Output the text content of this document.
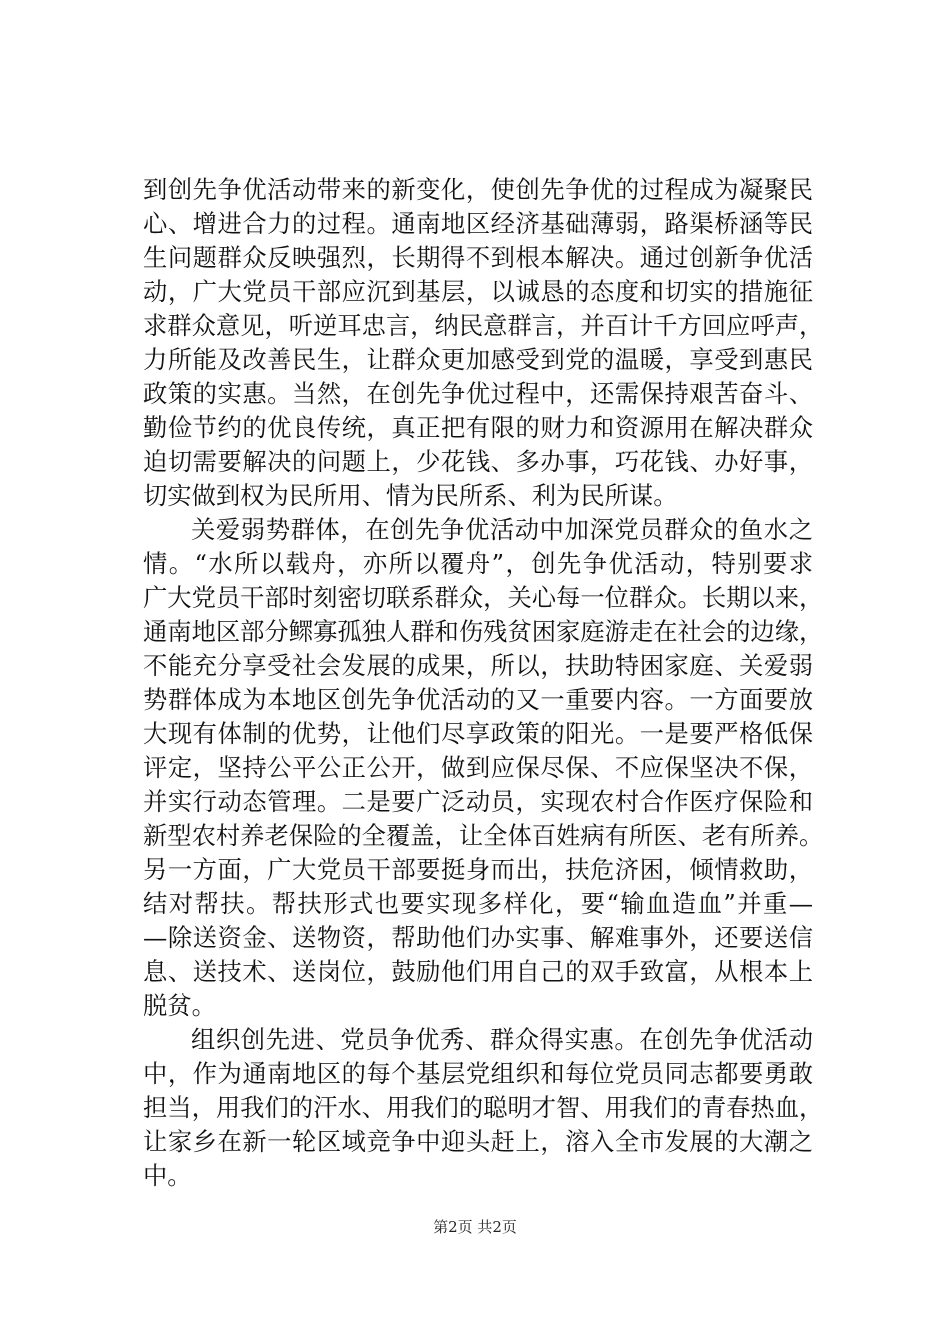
到创先争优活动带来的新变化，使创先争优的过程成为凝聚民
心、增进合力的过程。通南地区经济基础薄弱，路渠桥涵等民
生问题群众反映强烈，长期得不到根本解决。通过创新争优活
动，广大党员干部应沉到基层，以诚恳的态度和切实的措施征
求群众意见，听逆耳忠言，纳民意群言，并百计千方回应呼声，
力所能及改善民生，让群众更加感受到党的温暖，享受到惠民
政策的实惠。当然，在创先争优过程中，还需保持艰苦奋斗、
勤俭节约的优良传统，真正把有限的财力和资源用在解决群众
迫切需要解决的问题上，少花钱、多办事，巧花钱、办好事，
切实做到权为民所用、情为民所系、利为民所谋。
关爱弱势群体，在创先争优活动中加深党员群众的鱼水之
情。“水所以载舟，亦所以覆舟”，创先争优活动，特别要求
广大党员干部时刻密切联系群众，关心每一位群众。长期以来，
通南地区部分鳏寡孤独人群和伤残贫困家庭游走在社会的边缘，
不能充分享受社会发展的成果，所以，扶助特困家庭、关爱弱
势群体成为本地区创先争优活动的又一重要内容。一方面要放
大现有体制的优势，让他们尽享政策的阳光。一是要严格低保
评定，坚持公平公正公开，做到应保尽保、不应保坚决不保，
并实行动态管理。二是要广泛动员，实现农村合作医疗保险和
新型农村养老保险的全覆盖，让全体百姓病有所医、老有所养。
另一方面，广大党员干部要挺身而出，扶危济困，倾情救助，
结对帮扶。帮扶形式也要实现多样化，要“输血造血”并重—
—除送资金、送物资，帮助他们办实事、解难事外，还要送信
息、送技术、送岗位，鼓励他们用自己的双手致富，从根本上
脱贫。
组织创先进、党员争优秀、群众得实惠。在创先争优活动
中，作为通南地区的每个基层党组织和每位党员同志都要勇敢
担当，用我们的汗水、用我们的聪明才智、用我们的青春热血，
让家乡在新一轮区域竞争中迎头赶上，溶入全市发展的大潮之
中。
第2页 共2页
